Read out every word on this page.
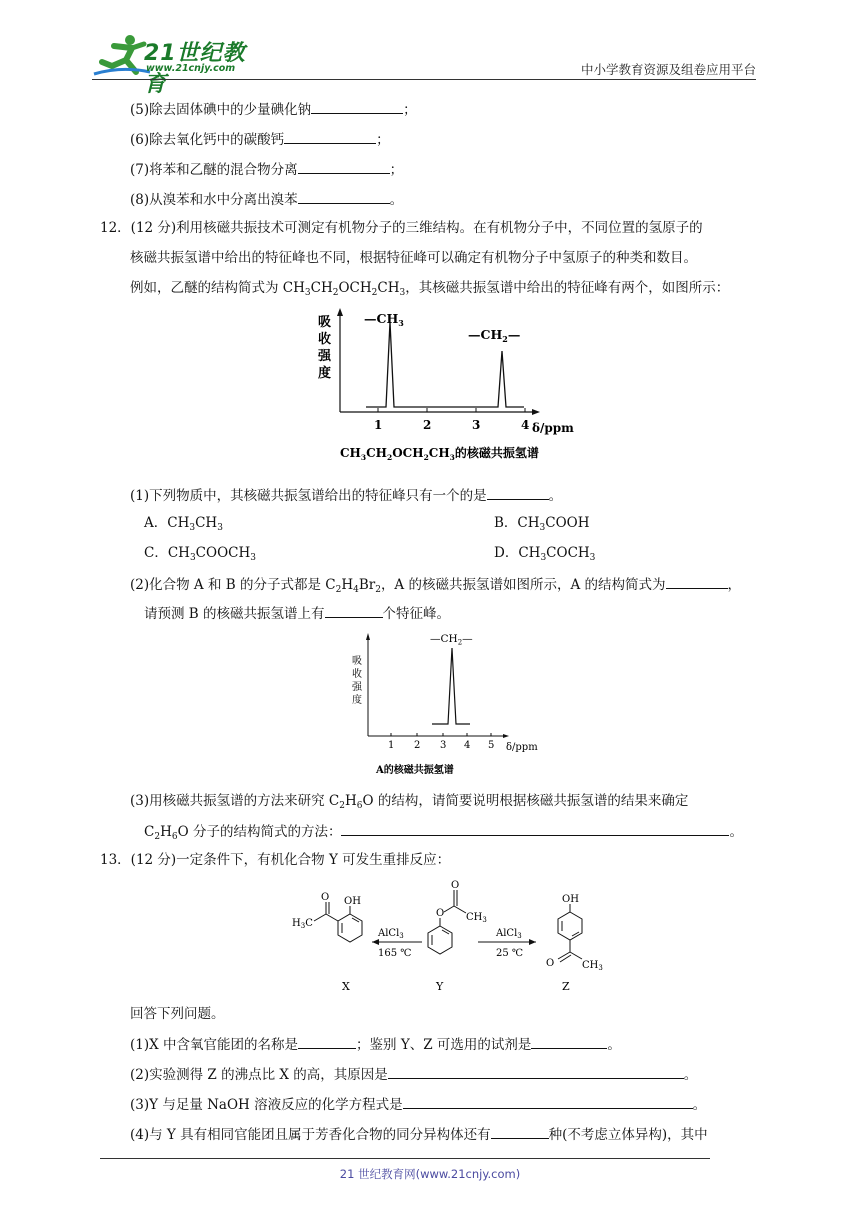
21世纪教育
www.21cnjy.com	中小学教育资源及组卷应用平台
(5)除去固体碘中的少量碘化钠	；
(6)除去氧化钙中的碳酸钙	；
(7)将苯和乙醚的混合物分离	；
(8)从溴苯和水中分离出溴苯	。
12．(12 分)利用核磁共振技术可测定有机物分子的三维结构。在有机物分子中，不同位置的氢原子的
核磁共振氢谱中给出的特征峰也不同，根据特征峰可以确定有机物分子中氢原子的种类和数目。
例如，乙醚的结构简式为 $CH_3CH_2OCH_2CH_3$，其核磁共振氢谱中给出的特征峰有两个，如图所示：
吸
收
强
度
$—CH_3$
$—CH_2—$
1	2	3	4 δ/ppm
$CH_3CH_2OCH_2CH_3$的核磁共振氢谱
(1)下列物质中，其核磁共振氢谱给出的特征峰只有一个的是	。
A．$CH_3CH_3$	B．$CH_3COOH$
C．$CH_3COOCH_3$	D．$CH_3COCH_3$
(2)化合物 A 和 B 的分子式都是 $C_2H_4Br_2$，A 的核磁共振氢谱如图所示，A 的结构简式为	，
请预测 B 的核磁共振氢谱上有	个特征峰。
吸
收
强
度
$—CH_2—$
1 2 3 4 5 δ/ppm
A的核磁共振氢谱
(3)用核磁共振氢谱的方法来研究 $C_2H_6O$ 的结构，请简要说明根据核磁共振氢谱的结果来确定
$C_2H_6O$ 分子的结构简式的方法：	。
13．(12 分)一定条件下，有机化合物 Y 可发生重排反应：
O OH
$H_3C$
AlCl$_3$
165 ℃
O
O
$CH_3$
AlCl$_3$
25 ℃
OH
O	$CH_3$
X	Y	Z
回答下列问题。
(1)X 中含氧官能团的名称是	；鉴别 Y、Z 可选用的试剂是	。
(2)实验测得 Z 的沸点比 X 的高，其原因是	。
(3)Y 与足量 NaOH 溶液反应的化学方程式是	。
(4)与 Y 具有相同官能团且属于芳香化合物的同分异构体还有	种(不考虑立体异构)，其中
21 世纪教育网(www.21cnjy.com)
